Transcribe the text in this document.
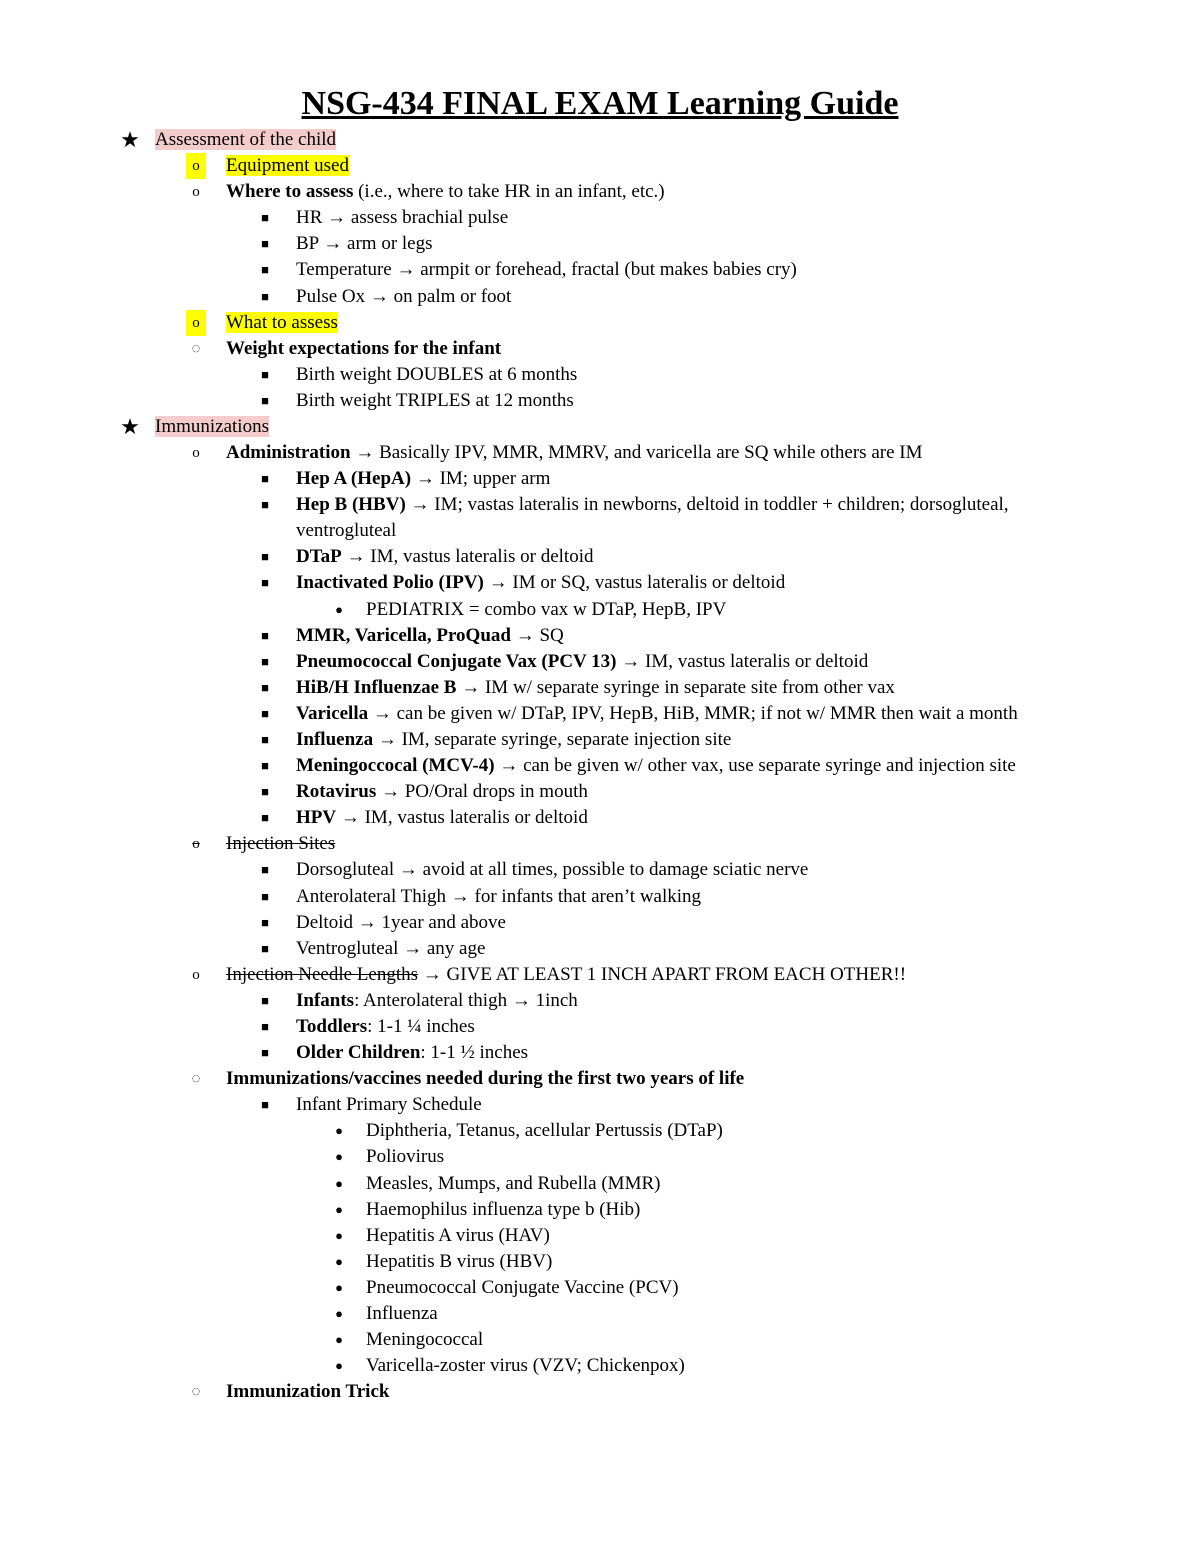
NSG-434 FINAL EXAM Learning Guide
★ Assessment of the child
o	Equipment used
o	Where to assess (i.e., where to take HR in an infant, etc.)
■ HR → assess brachial pulse
■ BP → arm or legs
■ Temperature → armpit or forehead, fractal (but makes babies cry)
■ Pulse Ox → on palm or foot
o	What to assess
◌ Weight expectations for the infant
■ Birth weight DOUBLES at 6 months
■ Birth weight TRIPLES at 12 months
★ Immunizations
o	Administration → Basically IPV, MMR, MMRV, and varicella are SQ while others are IM
■ Hep A (HepA) → IM; upper arm
■ Hep B (HBV) → IM; vastas lateralis in newborns, deltoid in toddler + children; dorsogluteal, ventrogluteal
■ DTaP → IM, vastus lateralis or deltoid
■ Inactivated Polio (IPV) → IM or SQ, vastus lateralis or deltoid
● PEDIATRIX = combo vax w DTaP, HepB, IPV
■ MMR, Varicella, ProQuad → SQ
■ Pneumococcal Conjugate Vax (PCV 13) → IM, vastus lateralis or deltoid
■ HiB/H Influenzae B → IM w/ separate syringe in separate site from other vax
■ Varicella → can be given w/ DTaP, IPV, HepB, HiB, MMR; if not w/ MMR then wait a month
■ Influenza → IM, separate syringe, separate injection site
■ Meningoccocal (MCV-4) → can be given w/ other vax, use separate syringe and injection site
■ Rotavirus → PO/Oral drops in mouth
■ HPV → IM, vastus lateralis or deltoid
o	Injection Sites
■ Dorsogluteal → avoid at all times, possible to damage sciatic nerve
■ Anterolateral Thigh → for infants that aren’t walking
■ Deltoid → 1year and above
■ Ventrogluteal → any age
o	Injection Needle Lengths → GIVE AT LEAST 1 INCH APART FROM EACH OTHER!!
■ Infants: Anterolateral thigh → 1inch
■ Toddlers: 1-1 ¼ inches
■ Older Children: 1-1 ½ inches
◌ Immunizations/vaccines needed during the first two years of life
■ Infant Primary Schedule
● Diphtheria, Tetanus, acellular Pertussis (DTaP)
● Poliovirus
● Measles, Mumps, and Rubella (MMR)
● Haemophilus influenza type b (Hib)
● Hepatitis A virus (HAV)
● Hepatitis B virus (HBV)
● Pneumococcal Conjugate Vaccine (PCV)
● Influenza
● Meningococcal
● Varicella-zoster virus (VZV; Chickenpox)
◌ Immunization Trick
